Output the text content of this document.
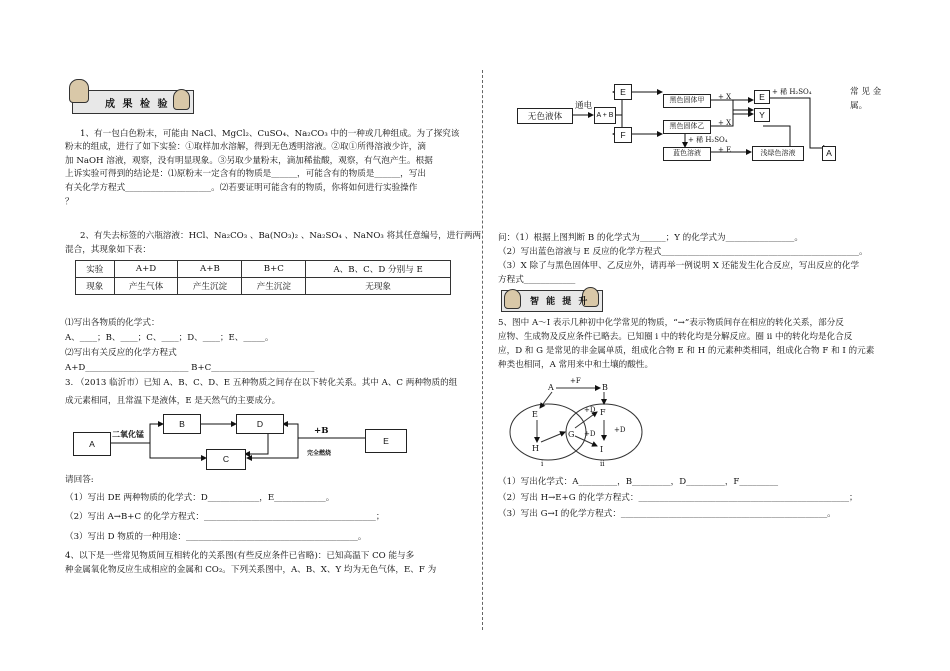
成 果 检 验
1、有一包白色粉末，可能由 NaCl、MgCl₂、CuSO₄、Na₂CO₃ 中的一种或几种组成。为了探究该
粉末的组成，进行了如下实验：①取样加水溶解，得到无色透明溶液。②取①所得溶液少许，滴
加 NaOH 溶液，观察，没有明显现象。③另取少量粉末，滴加稀盐酸，观察，有气泡产生。根据
上诉实验可得到的结论是：⑴原粉末一定含有的物质是______，可能含有的物质是______，写出
有关化学方程式____________________。⑵若要证明可能含有的物质，你将如何进行实验操作
？
2、有失去标签的六瓶溶液：HCl、Na₂CO₃ 、Ba(NO₃)₂ 、Na₂SO₄ 、NaNO₃ 将其任意编号，进行两两
混合，其现象如下表：
实验	A+D	A+B	B+C	A、B、C、D 分别与 E
现象	产生气体	产生沉淀	产生沉淀	无现象
⑴写出各物质的化学式：
A、____；B、____；C、____；D、____；E、_____。
⑵写出有关反应的化学方程式
A+D________________________ B+C________________________
3. （2013 临沂市）已知 A、B、C、D、E 五种物质之间存在以下转化关系。其中 A、C 两种物质的组
成元素相同，且常温下是液体，E 是天然气的主要成分。
A
B	D
C
E
二氧化锰	+B
完全燃烧
请回答:
（1）写出 DE 两种物质的化学式：D____________，E____________。
（2）写出 A→B+C 的化学方程式：________________________________________；
（3）写出 D 物质的一种用途：________________________________________。
4、以下是一些常见物质间互相转化的关系图(有些反应条件已省略)：已知高温下 CO 能与多
种金属氧化物反应生成相应的金属和 CO₂。下列关系图中，A、B、X、Y 均为无色气体，E、F 为
无色液体
通电
A + B
E
F
黑色固体甲
黑色固体乙
蓝色溶液
+ X
+ X
+ 稀 H₂SO₄
+ E
E	+ 稀 H₂SO₄
Y
浅绿色溶液	A
常 见 金 属。
问：（1）根据上图判断 B 的化学式为______；Y 的化学式为________________。
（2）写出蓝色溶液与 E 反应的化学方程式______________________________________________。
（3）X 除了与黑色固体甲、乙反应外，请再举一例说明 X 还能发生化合反应，写出反应的化学
方程式____________
智 能 提 升
5、图中 A～I 表示几种初中化学常见的物质，“→”表示物质间存在相应的转化关系，部分反
应物、生成物及反应条件已略去。已知圈 i 中的转化均是分解反应。圈 ii 中的转化均是化合反
应，D 和 G 是常见的非金属单质，组成化合物 E 和 H 的元素种类相同，组成化合物 F 和 I 的元素
种类也相同，A 常用来中和土壤的酸性。
A	B
+F
E
H
G
+D
+D	+D
F
I
i	ii
（1）写出化学式：A_________，B_________，D_________，F_________
（2）写出 H→E+G 的化学方程式：_________________________________________________；
（3）写出 G→I 的化学方程式：________________________________________________。
